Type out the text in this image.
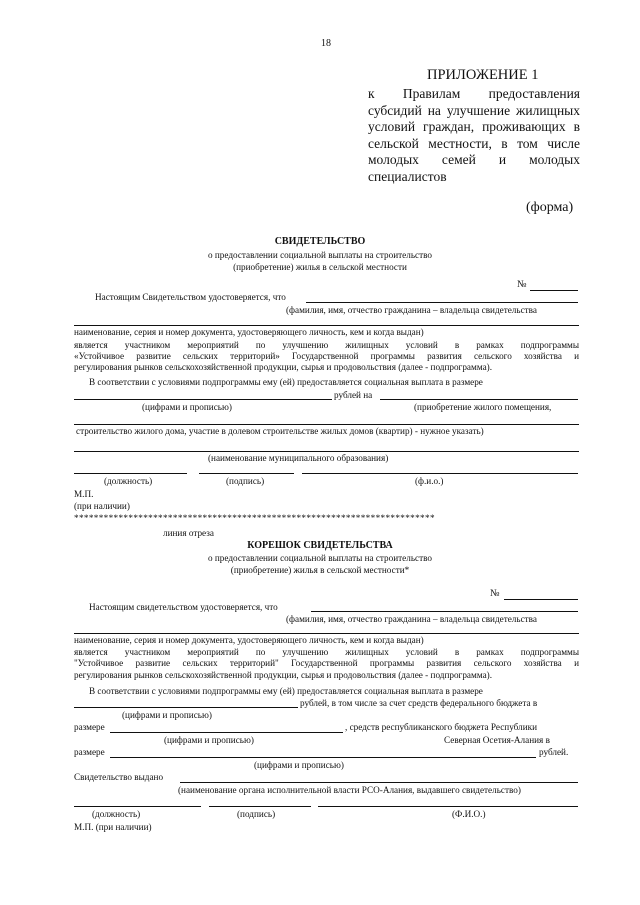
18
ПРИЛОЖЕНИЕ 1
к Правилам предоставления
субсидий на улучшение жилищных
условий граждан, проживающих в
сельской местности, в том числе
молодых семей и молодых
специалистов
(форма)
СВИДЕТЕЛЬСТВО
о предоставлении социальной выплаты на строительство
(приобретение) жилья в сельской местности
№
Настоящим Свидетельством удостоверяется, что
(фамилия, имя, отчество гражданина – владельца свидетельства
наименование, серия и номер документа, удостоверяющего личность, кем и когда выдан)
является участником мероприятий по улучшению жилищных условий в рамках подпрограммы
«Устойчивое развитие сельских территорий» Государственной программы развития сельского хозяйства и
регулирования рынков сельскохозяйственной продукции, сырья и продовольствия (далее - подпрограмма).
В соответствии с условиями подпрограммы ему (ей) предоставляется социальная выплата в размере
рублей на
(цифрами и прописью)	(приобретение жилого помещения,
строительство жилого дома, участие в долевом строительстве жилых домов (квартир) - нужное указать)
(наименование муниципального образования)
(должность)	(подпись)	(ф.и.о.)
М.П.
(при наличии)
*************************************************************************
линия отреза
КОРЕШОК СВИДЕТЕЛЬСТВА
о предоставлении социальной выплаты на строительство
(приобретение) жилья в сельской местности*
№
Настоящим свидетельством удостоверяется, что
(фамилия, имя, отчество гражданина – владельца свидетельства
наименование, серия и номер документа, удостоверяющего личность, кем и когда выдан)
является участником мероприятий по улучшению жилищных условий в рамках подпрограммы
"Устойчивое развитие сельских территорий" Государственной программы развития сельского хозяйства и
регулирования рынков сельскохозяйственной продукции, сырья и продовольствия (далее - подпрограмма).
В соответствии с условиями подпрограммы ему (ей) предоставляется социальная выплата в размере
рублей, в том числе за счет средств федерального бюджета в
(цифрами и прописью)
размере	, средств республиканского бюджета Республики
(цифрами и прописью)	Северная Осетия-Алания в
размере	рублей.
(цифрами и прописью)
Свидетельство выдано
(наименование органа исполнительной власти РСО-Алания, выдавшего свидетельство)
(должность)	(подпись)	(Ф.И.О.)
М.П. (при наличии)
